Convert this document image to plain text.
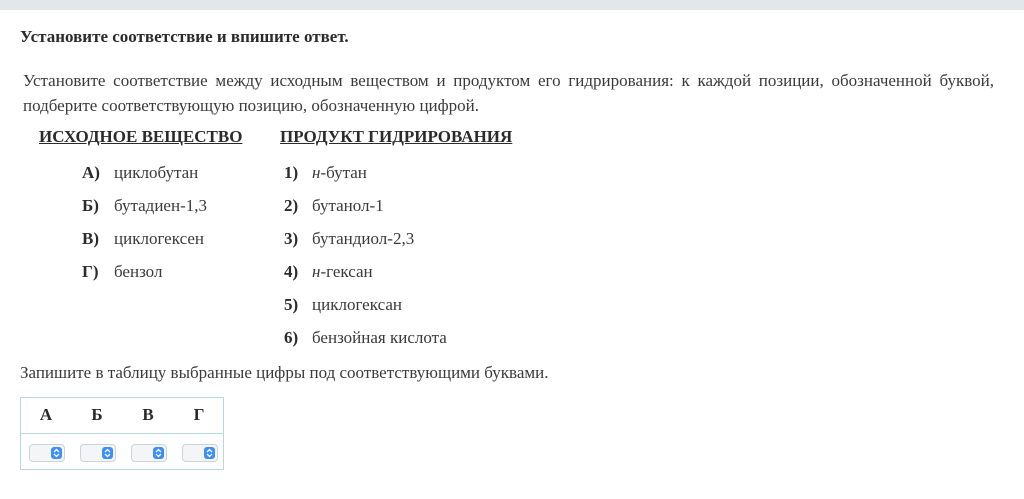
Установите соответствие и впишите ответ.
Установите соответствие между исходным веществом и продуктом его гидрирования: к каждой позиции, обозначенной буквой, подберите соответствующую позицию, обозначенную цифрой.
ИСХОДНОЕ ВЕЩЕСТВО ПРОДУКТ ГИДРИРОВАНИЯ
А) циклобутан
Б) бутадиен-1,3
В) циклогексен
Г) бензол
1) н-бутан
2) бутанол-1
3) бутандиол-2,3
4) н-гексан
5) циклогексан
6) бензойная кислота
Запишите в таблицу выбранные цифры под соответствующими буквами.
А	Б	В	Г
